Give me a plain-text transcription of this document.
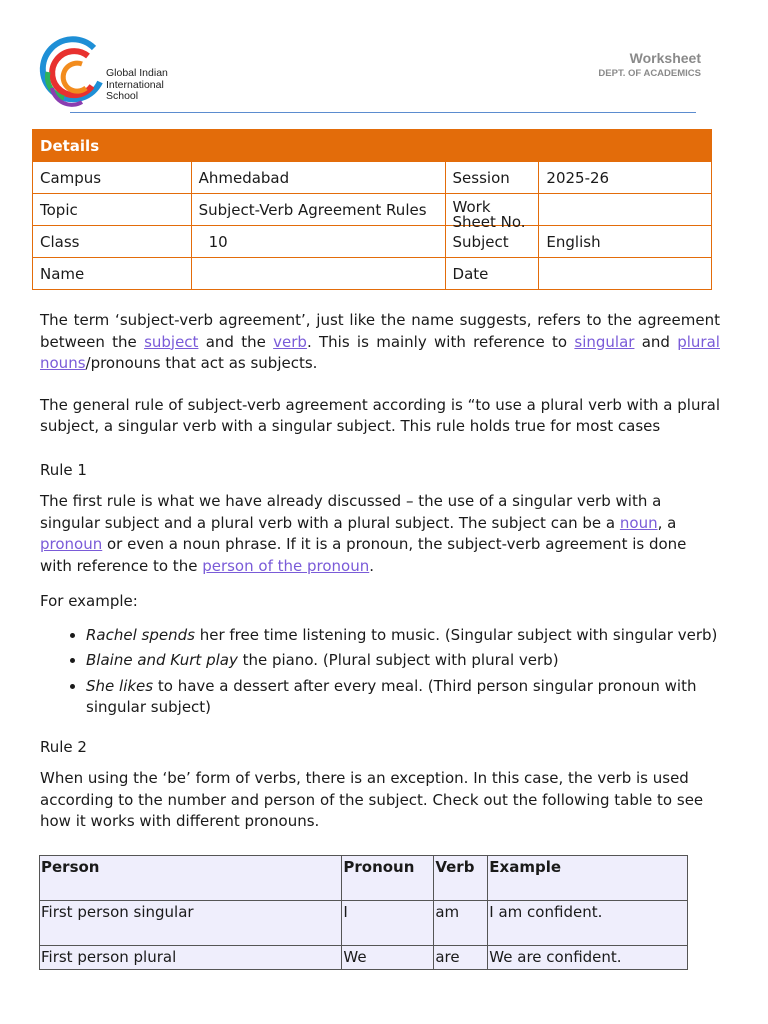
Global Indian
International
School
Worksheet
DEPT. OF ACADEMICS
Details			
Campus	Ahmedabad	Session	2025-26
Topic	Subject-Verb Agreement Rules	Work Sheet No.	

Class	10	Subject	English
Name		Date	

The term ‘subject-verb agreement’, just like the name suggests, refers to the agreement between the subject and the verb. This is mainly with reference to singular and plural nouns/pronouns that act as subjects.

The general rule of subject-verb agreement according is “to use a plural verb with a plural subject, a singular verb with a singular subject. This rule holds true for most cases

Rule 1

The first rule is what we have already discussed – the use of a singular verb with a singular subject and a plural verb with a plural subject. The subject can be a noun, a pronoun or even a noun phrase. If it is a pronoun, the subject-verb agreement is done with reference to the person of the pronoun.

For example:

• Rachel spends her free time listening to music. (Singular subject with singular verb)
• Blaine and Kurt play the piano. (Plural subject with plural verb)
• She likes to have a dessert after every meal. (Third person singular pronoun with singular subject)

Rule 2

When using the ‘be’ form of verbs, there is an exception. In this case, the verb is used according to the number and person of the subject. Check out the following table to see how it works with different pronouns.

Person	Pronoun	Verb	Example
First person singular	I	am	I am confident.
First person plural	We	are	We are confident.
